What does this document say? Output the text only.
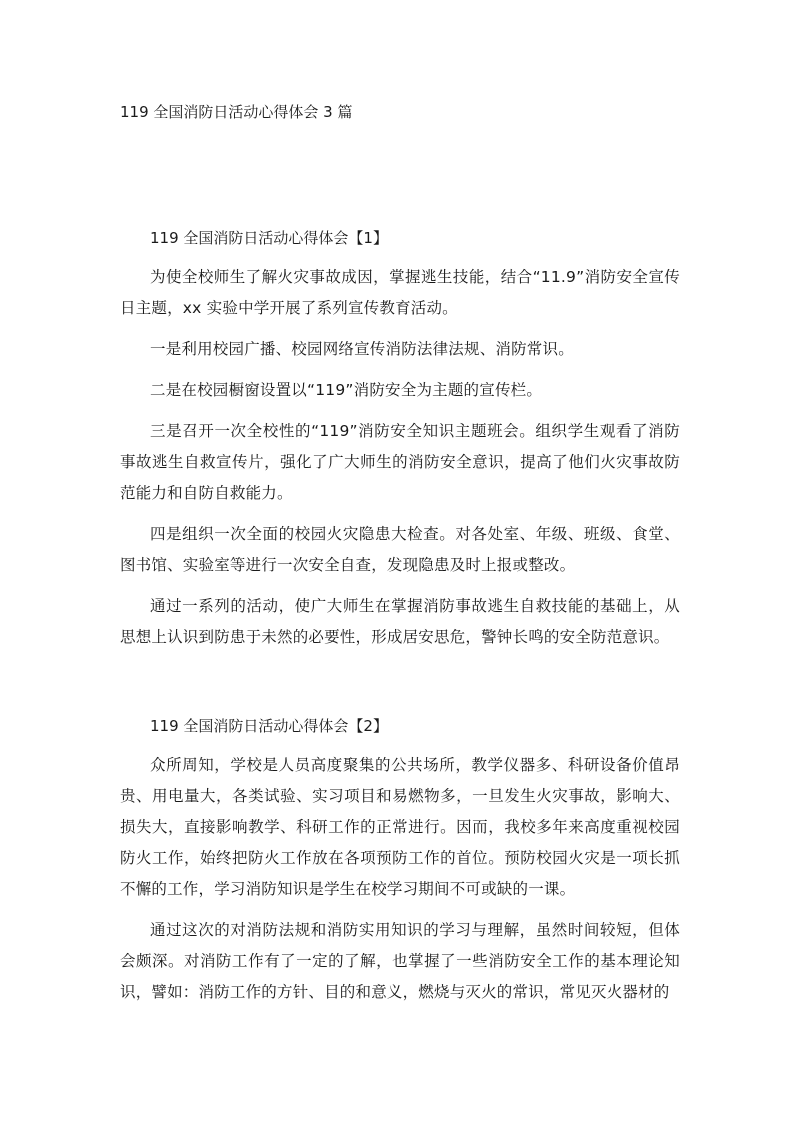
119 全国消防日活动心得体会 3 篇
119 全国消防日活动心得体会【1】

为使全校师生了解火灾事故成因，掌握逃生技能，结合“11.9”消防安全宣传日主题，xx 实验中学开展了系列宣传教育活动。

一是利用校园广播、校园网络宣传消防法律法规、消防常识。

二是在校园橱窗设置以“119”消防安全为主题的宣传栏。

三是召开一次全校性的“119”消防安全知识主题班会。组织学生观看了消防事故逃生自救宣传片，强化了广大师生的消防安全意识，提高了他们火灾事故防范能力和自防自救能力。

四是组织一次全面的校园火灾隐患大检查。对各处室、年级、班级、食堂、图书馆、实验室等进行一次安全自查，发现隐患及时上报或整改。

通过一系列的活动，使广大师生在掌握消防事故逃生自救技能的基础上，从思想上认识到防患于未然的必要性，形成居安思危，警钟长鸣的安全防范意识。

119 全国消防日活动心得体会【2】

众所周知，学校是人员高度聚集的公共场所，教学仪器多、科研设备价值昂贵、用电量大，各类试验、实习项目和易燃物多，一旦发生火灾事故，影响大、损失大，直接影响教学、科研工作的正常进行。因而，我校多年来高度重视校园防火工作，始终把防火工作放在各项预防工作的首位。预防校园火灾是一项长抓不懈的工作，学习消防知识是学生在校学习期间不可或缺的一课。

通过这次的对消防法规和消防实用知识的学习与理解，虽然时间较短，但体会颇深。对消防工作有了一定的了解，也掌握了一些消防安全工作的基本理论知识，譬如：消防工作的方针、目的和意义，燃烧与灭火的常识，常见灭火器材的
